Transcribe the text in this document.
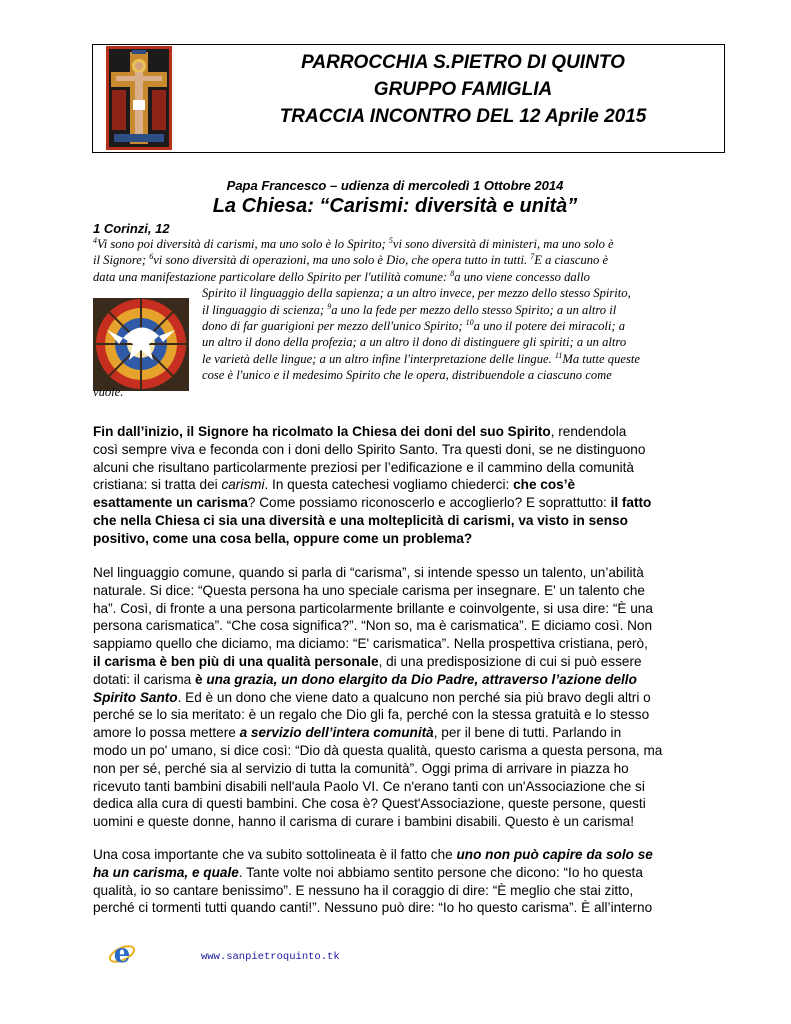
PARROCCHIA S.PIETRO DI QUINTO
GRUPPO FAMIGLIA
TRACCIA INCONTRO DEL 12 Aprile 2015
Papa Francesco – udienza di mercoledì 1 Ottobre 2014
La Chiesa: “Carismi: diversità e unità”
1 Corinzi, 12
$^4$Vi sono poi diversità di carismi, ma uno solo è lo Spirito; $^5$vi sono diversità di ministeri, ma uno solo è
il Signore; $^6$vi sono diversità di operazioni, ma uno solo è Dio, che opera tutto in tutti. $^7$E a ciascuno è
data una manifestazione particolare dello Spirito per l'utilità comune: $^8$a uno viene concesso dallo
Spirito il linguaggio della sapienza; a un altro invece, per mezzo dello stesso Spirito,
il linguaggio di scienza; $^9$a uno la fede per mezzo dello stesso Spirito; a un altro il
dono di far guarigioni per mezzo dell'unico Spirito; $^{10}$a uno il potere dei miracoli; a
un altro il dono della profezia; a un altro il dono di distinguere gli spiriti; a un altro
le varietà delle lingue; a un altro infine l'interpretazione delle lingue. $^{11}$Ma tutte queste
cose è l'unico e il medesimo Spirito che le opera, distribuendole a ciascuno come
vuole.
Fin dall’inizio, il Signore ha ricolmato la Chiesa dei doni del suo Spirito, rendendola
così sempre viva e feconda con i doni dello Spirito Santo. Tra questi doni, se ne distinguono
alcuni che risultano particolarmente preziosi per l’edificazione e il cammino della comunità
cristiana: si tratta dei carismi. In questa catechesi vogliamo chiederci: che cos’è
esattamente un carisma? Come possiamo riconoscerlo e accoglierlo? E soprattutto: il fatto
che nella Chiesa ci sia una diversità e una molteplicità di carismi, va visto in senso
positivo, come una cosa bella, oppure come un problema?
Nel linguaggio comune, quando si parla di “carisma”, si intende spesso un talento, un’abilità
naturale. Si dice: “Questa persona ha uno speciale carisma per insegnare. E' un talento che
ha”. Così, di fronte a una persona particolarmente brillante e coinvolgente, si usa dire: “È una
persona carismatica”. “Che cosa significa?”. “Non so, ma è carismatica”. E diciamo così. Non
sappiamo quello che diciamo, ma diciamo: “E' carismatica”. Nella prospettiva cristiana, però,
il carisma è ben più di una qualità personale, di una predisposizione di cui si può essere
dotati: il carisma è una grazia, un dono elargito da Dio Padre, attraverso l’azione dello
Spirito Santo. Ed è un dono che viene dato a qualcuno non perché sia più bravo degli altri o
perché se lo sia meritato: è un regalo che Dio gli fa, perché con la stessa gratuità e lo stesso
amore lo possa mettere a servizio dell’intera comunità, per il bene di tutti. Parlando in
modo un po' umano, si dice così: “Dio dà questa qualità, questo carisma a questa persona, ma
non per sé, perché sia al servizio di tutta la comunità”. Oggi prima di arrivare in piazza ho
ricevuto tanti bambini disabili nell'aula Paolo VI. Ce n'erano tanti con un'Associazione che si
dedica alla cura di questi bambini. Che cosa è? Quest'Associazione, queste persone, questi
uomini e queste donne, hanno il carisma di curare i bambini disabili. Questo è un carisma!
Una cosa importante che va subito sottolineata è il fatto che uno non può capire da solo se
ha un carisma, e quale. Tante volte noi abbiamo sentito persone che dicono: “Io ho questa
qualità, io so cantare benissimo”. E nessuno ha il coraggio di dire: “È meglio che stai zitto,
perché ci tormenti tutti quando canti!”. Nessuno può dire: “Io ho questo carisma”. È all’interno
e	www.sanpietroquinto.tk
